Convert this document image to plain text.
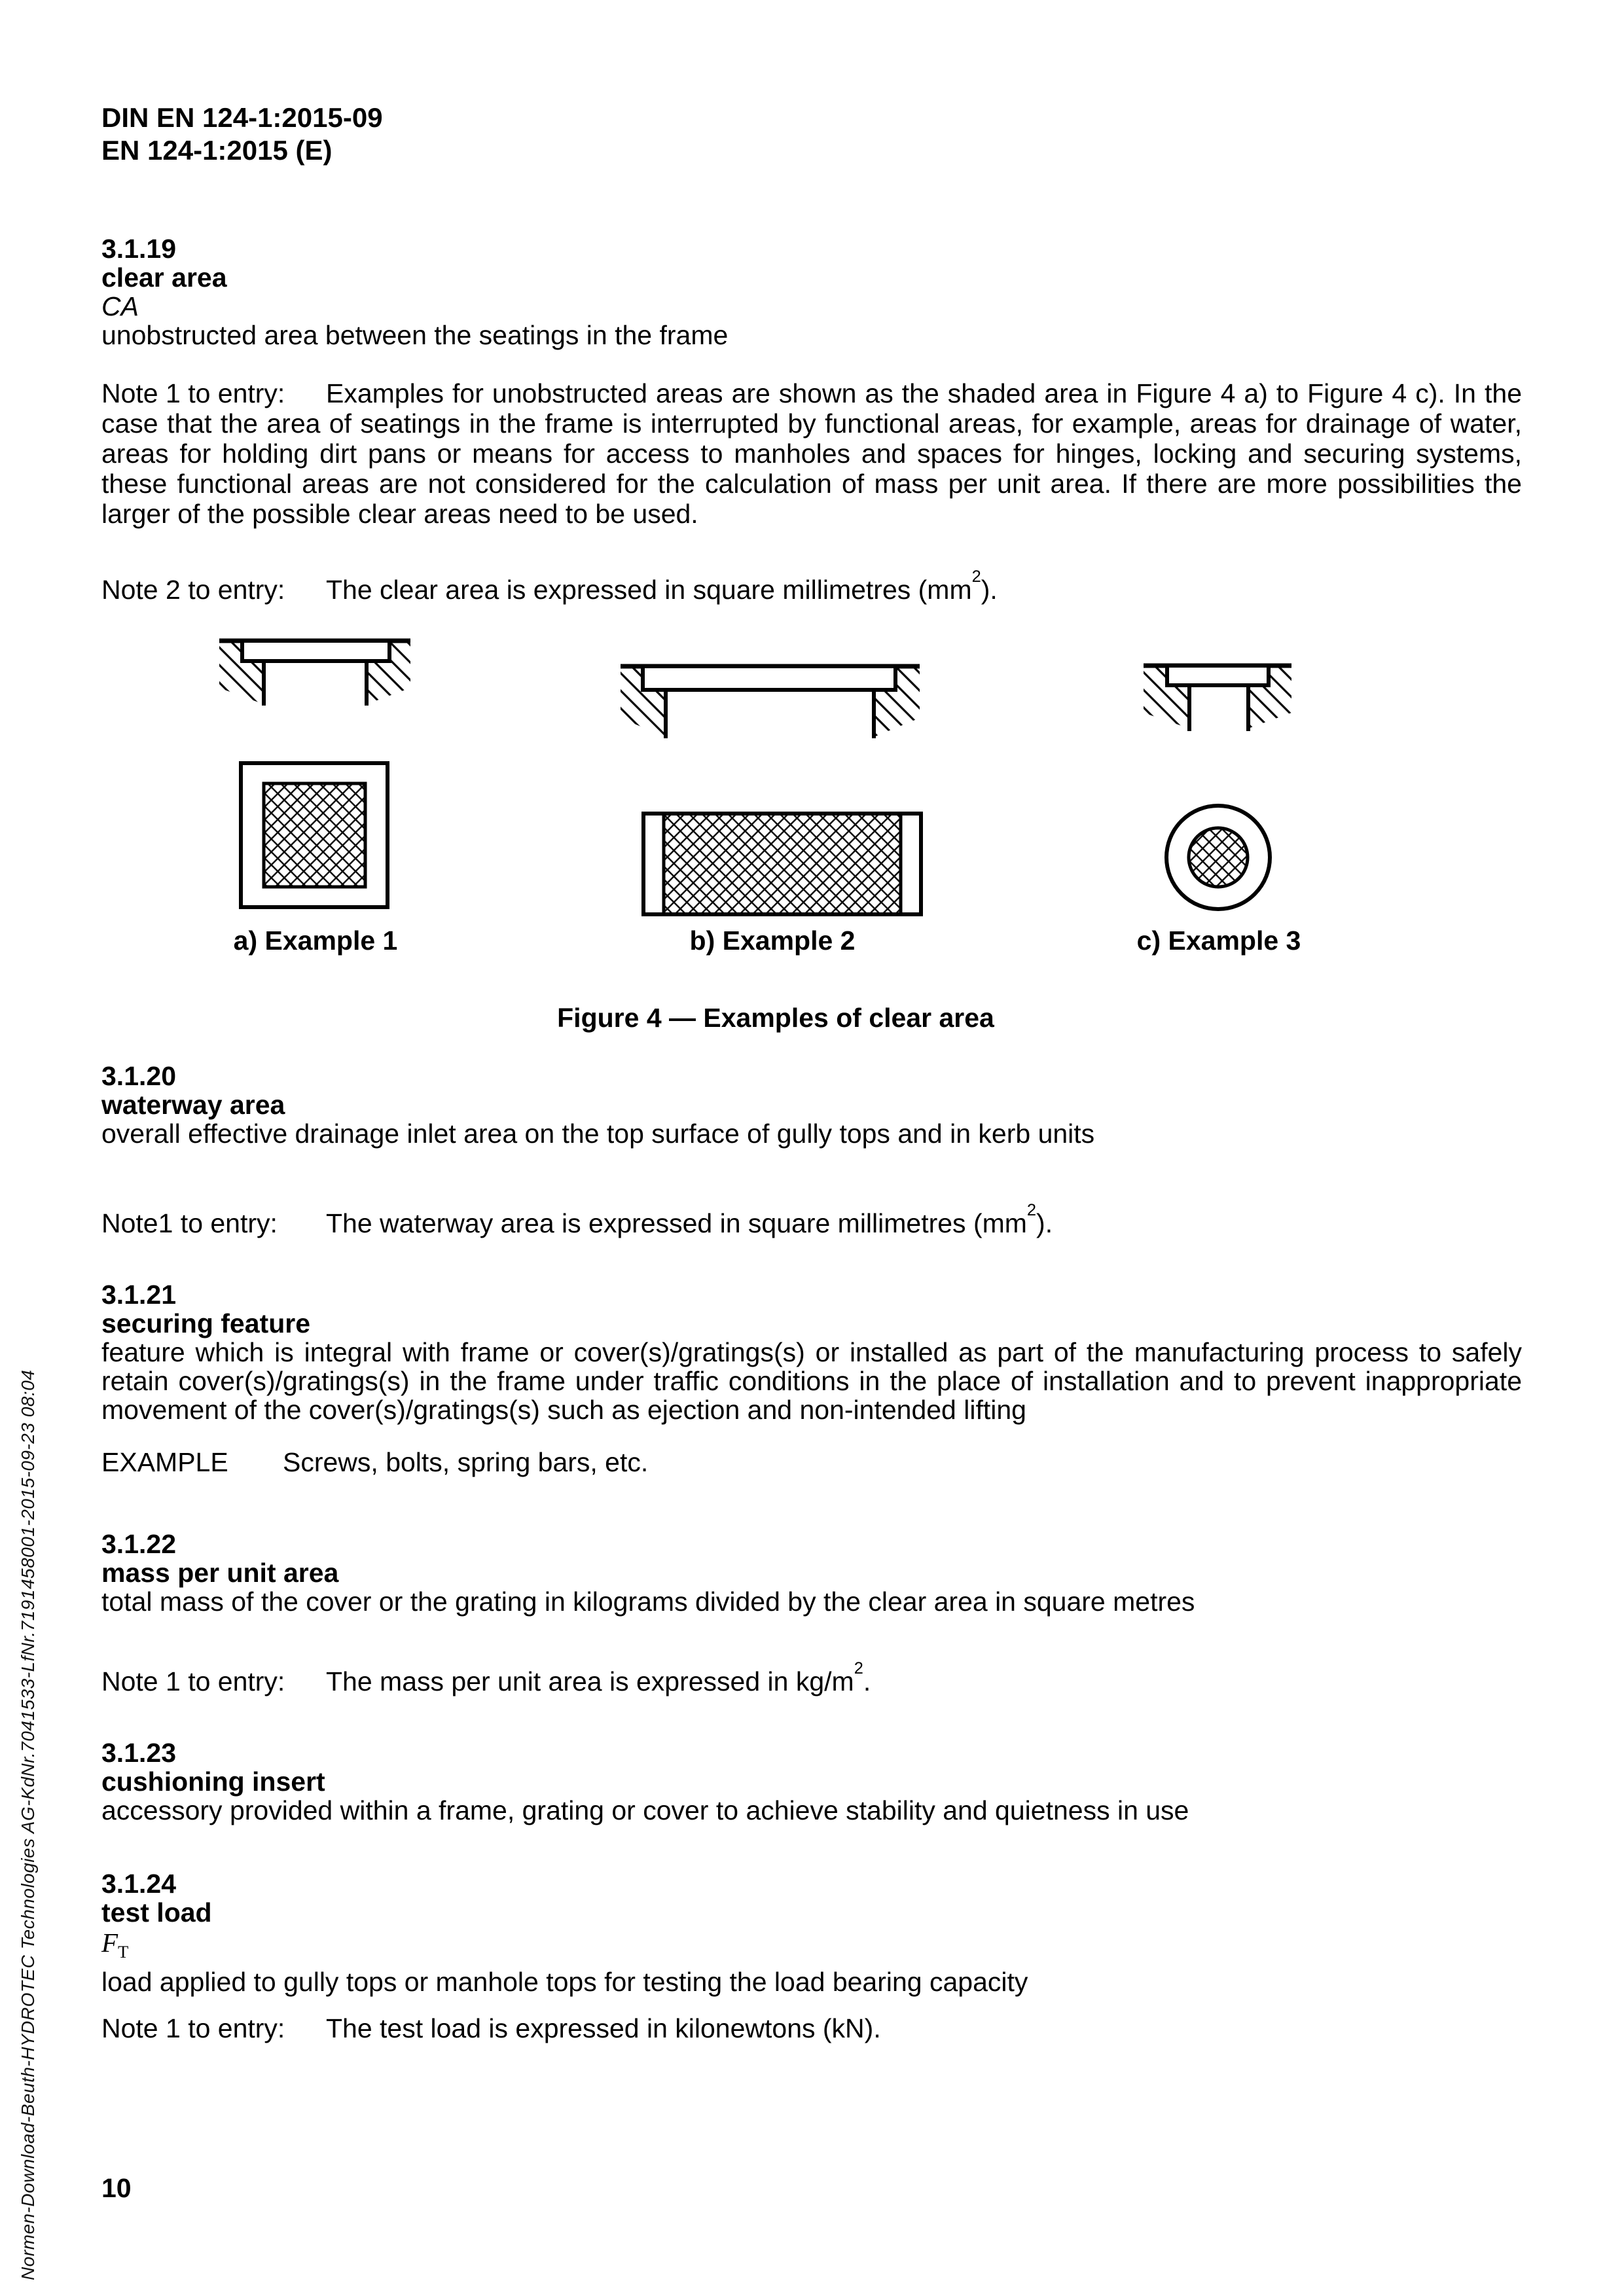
Normen-Download-Beuth-HYDROTEC Technologies AG-KdNr.7041533-LfNr.7191458001-2015-09-23 08:04
DIN EN 124-1:2015-09
EN 124-1:2015 (E)
3.1.19
clear area
CA
unobstructed area between the seatings in the frame
Note 1 to entry: Examples for unobstructed areas are shown as the shaded area in Figure 4 a) to Figure 4 c). In the case that the area of seatings in the frame is interrupted by functional areas, for example, areas for drainage of water, areas for holding dirt pans or means for access to manholes and spaces for hinges, locking and securing systems, these functional areas are not considered for the calculation of mass per unit area. If there are more possibilities the larger of the possible clear areas need to be used.
Note 2 to entry: The clear area is expressed in square millimetres $(mm^2)$.
a) Example 1	b) Example 2	c) Example 3
Figure 4 — Examples of clear area
3.1.20
waterway area
overall effective drainage inlet area on the top surface of gully tops and in kerb units
Note1 to entry: The waterway area is expressed in square millimetres $(mm^2)$.
3.1.21
securing feature
feature which is integral with frame or cover(s)/gratings(s) or installed as part of the manufacturing process to safely retain cover(s)/gratings(s) in the frame under traffic conditions in the place of installation and to prevent inappropriate movement of the cover(s)/gratings(s) such as ejection and non-intended lifting
EXAMPLE Screws, bolts, spring bars, etc.
3.1.22
mass per unit area
total mass of the cover or the grating in kilograms divided by the clear area in square metres
Note 1 to entry: The mass per unit area is expressed in $kg/m^2$.
3.1.23
cushioning insert
accessory provided within a frame, grating or cover to achieve stability and quietness in use
3.1.24
test load
$F_T$
load applied to gully tops or manhole tops for testing the load bearing capacity
Note 1 to entry: The test load is expressed in kilonewtons (kN).
10
